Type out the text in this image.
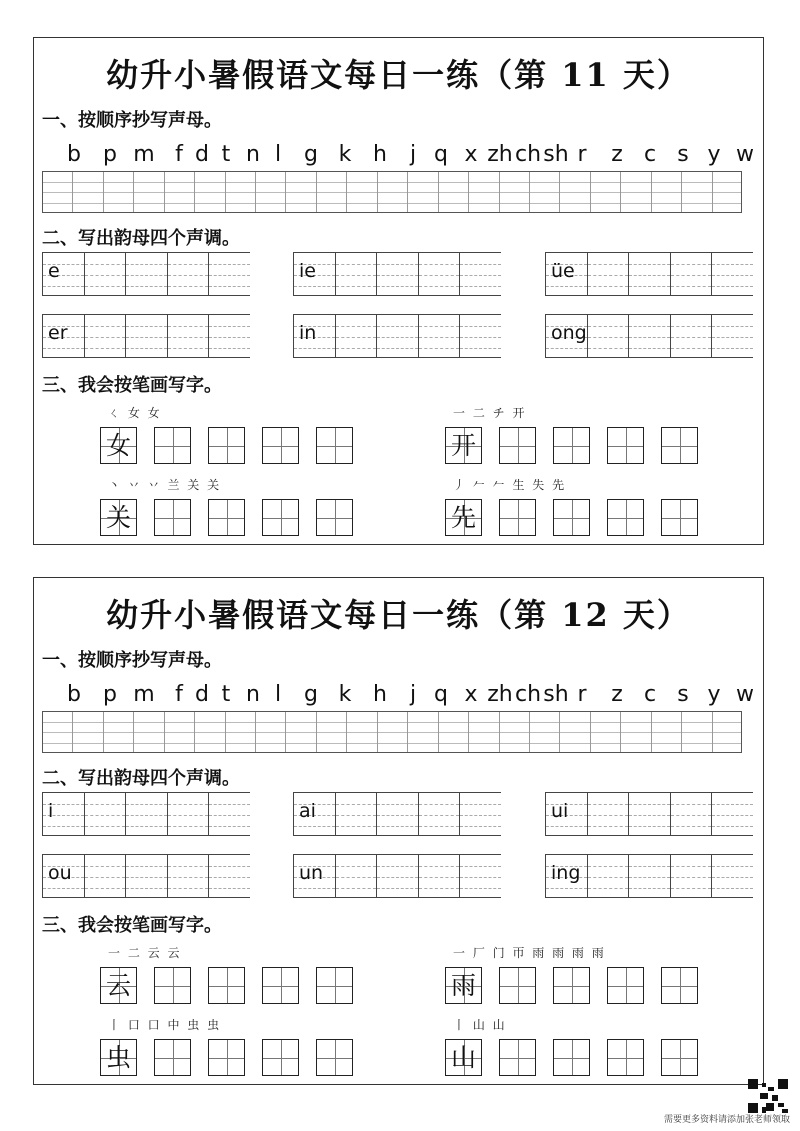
幼升小暑假语文每日一练（第 11 天）
一、按顺序抄写声母。
二、写出韵母四个声调。
三、我会按笔画写字。
b p m f d t n l g k h j q x zh ch sh r z c s y w
e	ie	üe
er	in	ong
ㄑ 女 女
女
一 二 チ 开
开
丶 丷 丷 兰 关 关
关
丿 𠂉 𠂉 生 失 先
先
幼升小暑假语文每日一练（第 12 天）
一、按顺序抄写声母。
二、写出韵母四个声调。
三、我会按笔画写字。
b p m f d t n l g k h j q x zh ch sh r z c s y w
i	ai	ui
ou	un	ing
一 二 云 云
云
一 厂 门 帀 雨 雨 雨 雨
雨
丨 口 口 中 虫 虫
虫
丨 山 山
山
需要更多资料请添加张老师领取
